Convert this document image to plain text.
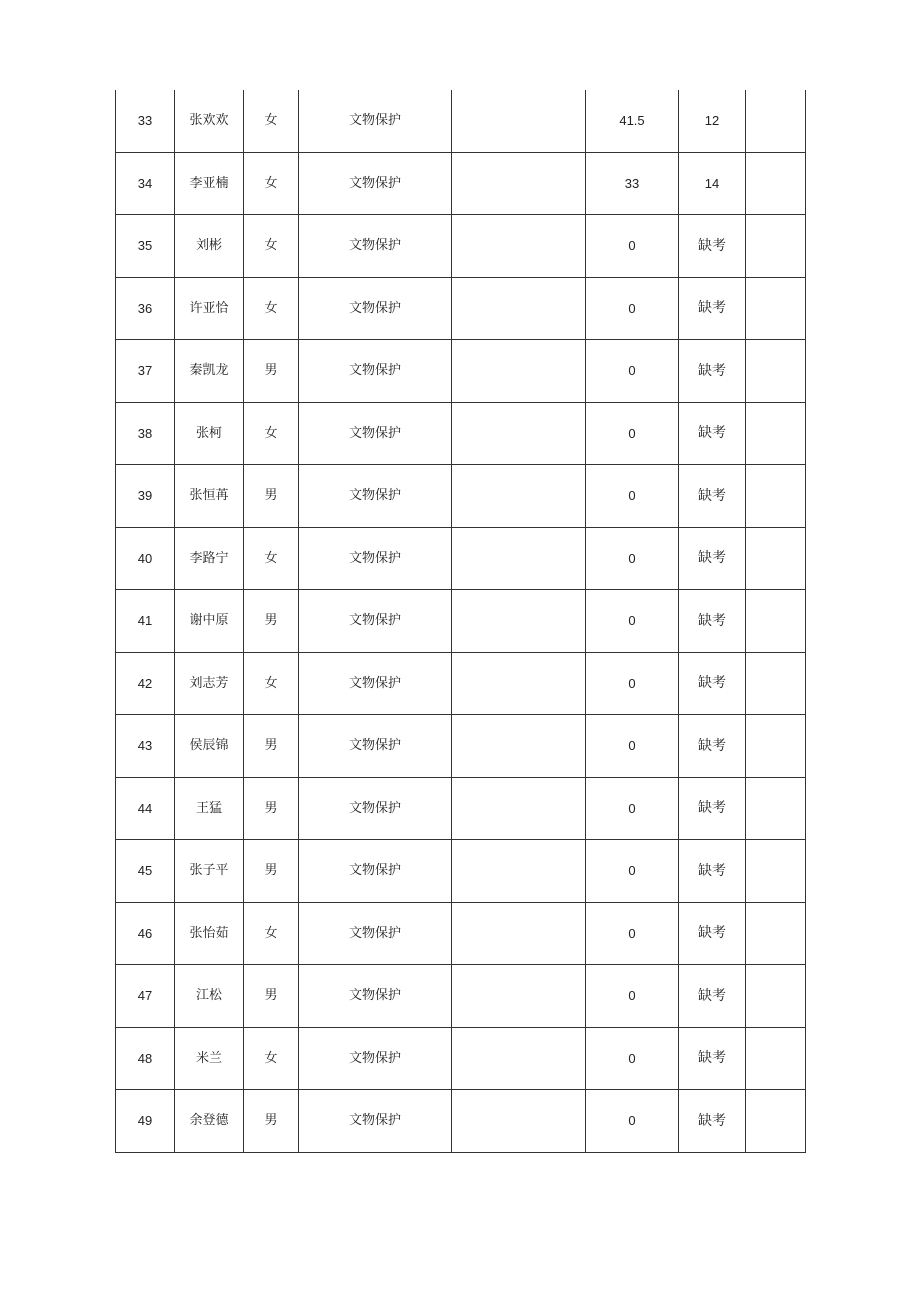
33	张欢欢	女	文物保护		41.5	12	
34	李亚楠	女	文物保护		33	14	
35	刘彬	女	文物保护		0	缺考	
36	许亚恰	女	文物保护		0	缺考	
37	秦凯龙	男	文物保护		0	缺考	
38	张柯	女	文物保护		0	缺考	
39	张恒苒	男	文物保护		0	缺考	
40	李路宁	女	文物保护		0	缺考	
41	谢中原	男	文物保护		0	缺考	
42	刘志芳	女	文物保护		0	缺考	
43	侯辰锦	男	文物保护		0	缺考	
44	王猛	男	文物保护		0	缺考	
45	张子平	男	文物保护		0	缺考	
46	张怡茹	女	文物保护		0	缺考	
47	江松	男	文物保护		0	缺考	
48	米兰	女	文物保护		0	缺考	
49	余登德	男	文物保护		0	缺考	
